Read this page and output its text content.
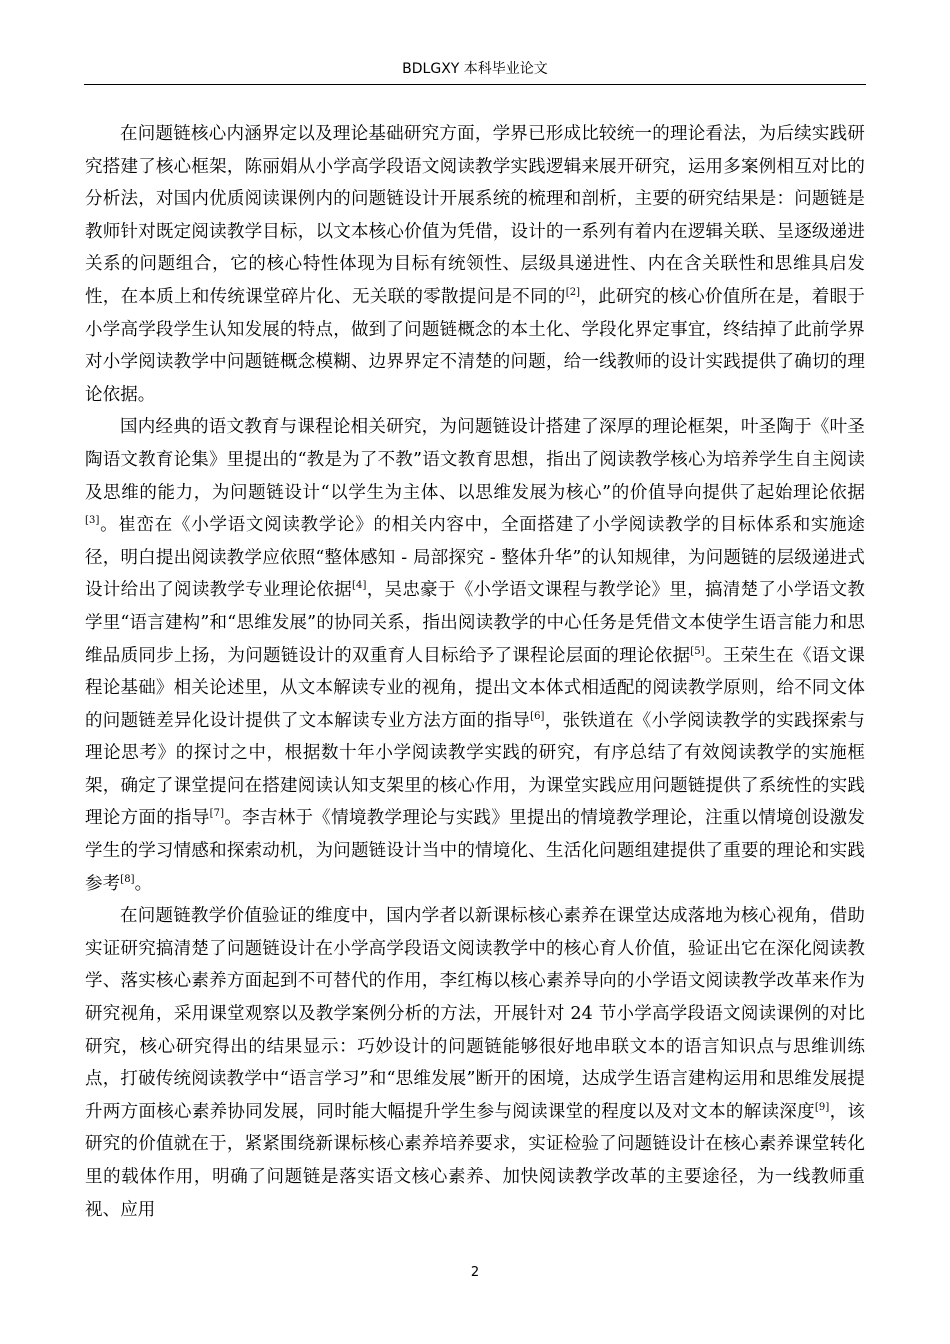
BDLGXY 本科毕业论文

在问题链核心内涵界定以及理论基础研究方面，学界已形成比较统一的理论看法，为后续实践研究搭建了核心框架，陈丽娟从小学高学段语文阅读教学实践逻辑来展开研究，运用多案例相互对比的分析法，对国内优质阅读课例内的问题链设计开展系统的梳理和剖析，主要的研究结果是：问题链是教师针对既定阅读教学目标，以文本核心价值为凭借，设计的一系列有着内在逻辑关联、呈逐级递进关系的问题组合，它的核心特性体现为目标有统领性、层级具递进性、内在含关联性和思维具启发性，在本质上和传统课堂碎片化、无关联的零散提问是不同的[2]，此研究的核心价值所在是，着眼于小学高学段学生认知发展的特点，做到了问题链概念的本土化、学段化界定事宜，终结掉了此前学界对小学阅读教学中问题链概念模糊、边界界定不清楚的问题，给一线教师的设计实践提供了确切的理论依据。

国内经典的语文教育与课程论相关研究，为问题链设计搭建了深厚的理论框架，叶圣陶于《叶圣陶语文教育论集》里提出的“教是为了不教”语文教育思想，指出了阅读教学核心为培养学生自主阅读及思维的能力，为问题链设计“以学生为主体、以思维发展为核心”的价值导向提供了起始理论依据[3]。崔峦在《小学语文阅读教学论》的相关内容中，全面搭建了小学阅读教学的目标体系和实施途径，明白提出阅读教学应依照“整体感知 - 局部探究 - 整体升华”的认知规律，为问题链的层级递进式设计给出了阅读教学专业理论依据[4]，吴忠豪于《小学语文课程与教学论》里，搞清楚了小学语文教学里“语言建构”和“思维发展”的协同关系，指出阅读教学的中心任务是凭借文本使学生语言能力和思维品质同步上扬，为问题链设计的双重育人目标给予了课程论层面的理论依据[5]。王荣生在《语文课程论基础》相关论述里，从文本解读专业的视角，提出文本体式相适配的阅读教学原则，给不同文体的问题链差异化设计提供了文本解读专业方法方面的指导[6]，张铁道在《小学阅读教学的实践探索与理论思考》的探讨之中，根据数十年小学阅读教学实践的研究，有序总结了有效阅读教学的实施框架，确定了课堂提问在搭建阅读认知支架里的核心作用，为课堂实践应用问题链提供了系统性的实践理论方面的指导[7]。李吉林于《情境教学理论与实践》里提出的情境教学理论，注重以情境创设激发学生的学习情感和探索动机，为问题链设计当中的情境化、生活化问题组建提供了重要的理论和实践参考[8]。

在问题链教学价值验证的维度中，国内学者以新课标核心素养在课堂达成落地为核心视角，借助实证研究搞清楚了问题链设计在小学高学段语文阅读教学中的核心育人价值，验证出它在深化阅读教学、落实核心素养方面起到不可替代的作用，李红梅以核心素养导向的小学语文阅读教学改革来作为研究视角，采用课堂观察以及教学案例分析的方法，开展针对 24 节小学高学段语文阅读课例的对比研究，核心研究得出的结果显示：巧妙设计的问题链能够很好地串联文本的语言知识点与思维训练点，打破传统阅读教学中“语言学习”和“思维发展”断开的困境，达成学生语言建构运用和思维发展提升两方面核心素养协同发展，同时能大幅提升学生参与阅读课堂的程度以及对文本的解读深度[9]，该研究的价值就在于，紧紧围绕新课标核心素养培养要求，实证检验了问题链设计在核心素养课堂转化里的载体作用，明确了问题链是落实语文核心素养、加快阅读教学改革的主要途径，为一线教师重视、应用

2
